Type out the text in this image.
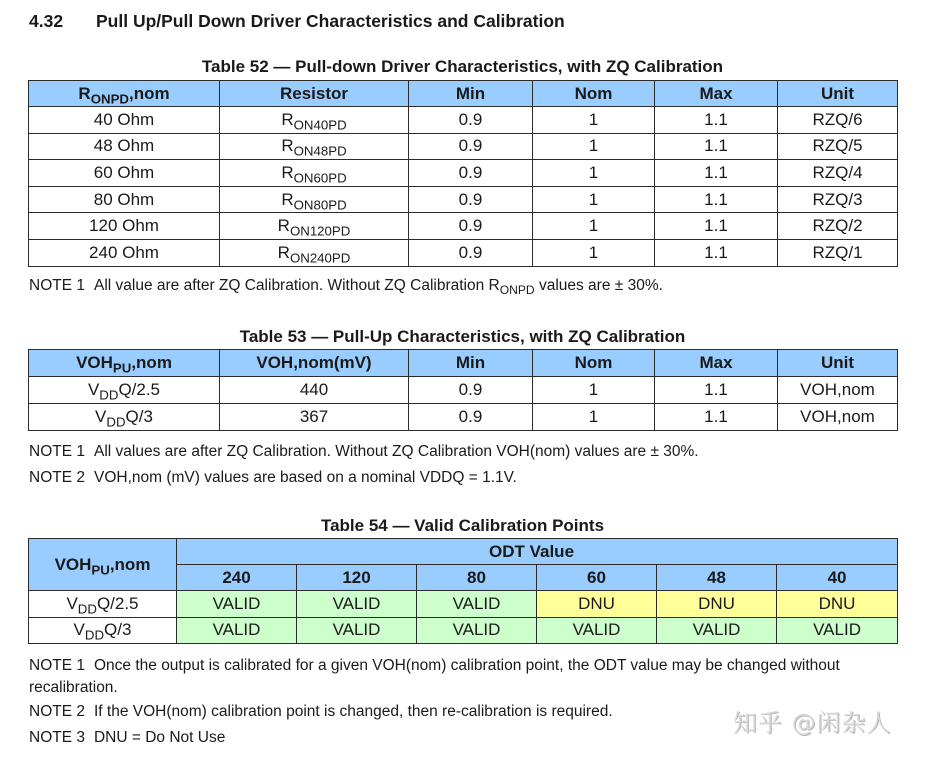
4.32 Pull Up/Pull Down Driver Characteristics and Calibration
Table 52 — Pull-down Driver Characteristics, with ZQ Calibration
$R_{ONPD},nom$	Resistor	Min	Nom	Max	Unit
40 Ohm	$R_{ON40PD}$	0.9	1	1.1	RZQ/6
48 Ohm	$R_{ON48PD}$	0.9	1	1.1	RZQ/5
60 Ohm	$R_{ON60PD}$	0.9	1	1.1	RZQ/4
80 Ohm	$R_{ON80PD}$	0.9	1	1.1	RZQ/3
120 Ohm	$R_{ON120PD}$	0.9	1	1.1	RZQ/2
240 Ohm	$R_{ON240PD}$	0.9	1	1.1	RZQ/1
NOTE 1 All value are after ZQ Calibration. Without ZQ Calibration $R_{ONPD}$ values are ± 30%.
Table 53 — Pull-Up Characteristics, with ZQ Calibration
$VOH_{PU},nom$	VOH,nom(mV)	Min	Nom	Max	Unit
$V_{DD}Q/2.5$	440	0.9	1	1.1	VOH,nom
$V_{DD}Q/3$	367	0.9	1	1.1	VOH,nom
NOTE 1 All values are after ZQ Calibration. Without ZQ Calibration VOH(nom) values are ± 30%.
NOTE 2 VOH,nom (mV) values are based on a nominal VDDQ = 1.1V.
Table 54 — Valid Calibration Points
$VOH_{PU},nom$	ODT Value					
	240	120	80	60	48	40
$V_{DD}Q/2.5$	VALID	VALID	VALID	DNU	DNU	DNU
$V_{DD}Q/3$	VALID	VALID	VALID	VALID	VALID	VALID
NOTE 1 Once the output is calibrated for a given VOH(nom) calibration point, the ODT value may be changed without recalibration.
NOTE 2 If the VOH(nom) calibration point is changed, then re-calibration is required.
NOTE 3 DNU = Do Not Use
知乎 @闲杂人
